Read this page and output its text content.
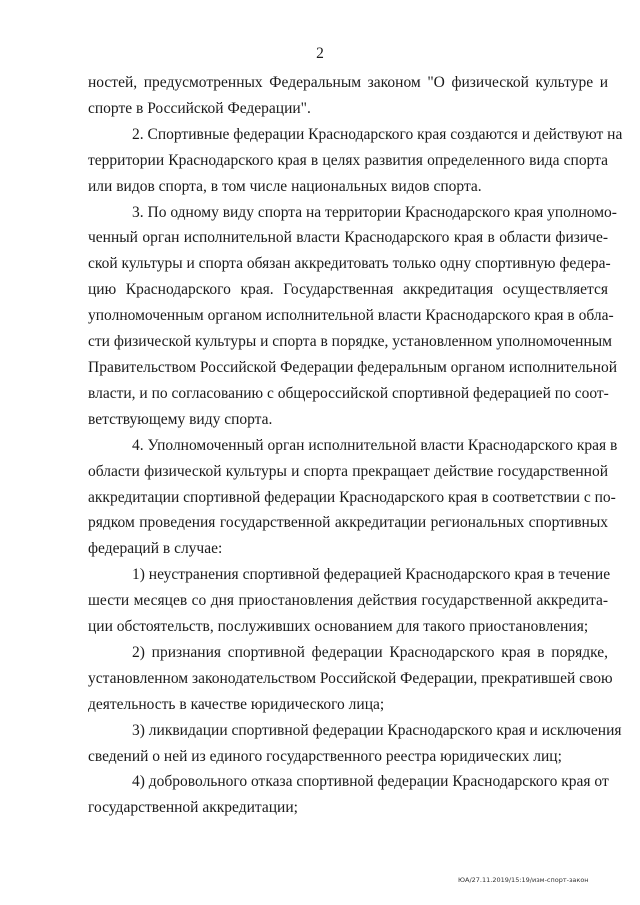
2

ностей, предусмотренных Федеральным законом "О физической культуре и
спорте в Российской Федерации".

2. Спортивные федерации Краснодарского края создаются и действуют на
территории Краснодарского края в целях развития определенного вида спорта
или видов спорта, в том числе национальных видов спорта.

3. По одному виду спорта на территории Краснодарского края уполномо-
ченный орган исполнительной власти Краснодарского края в области физиче-
ской культуры и спорта обязан аккредитовать только одну спортивную федера-
цию Краснодарского края. Государственная аккредитация осуществляется
уполномоченным органом исполнительной власти Краснодарского края в обла-
сти физической культуры и спорта в порядке, установленном уполномоченным
Правительством Российской Федерации федеральным органом исполнительной
власти, и по согласованию с общероссийской спортивной федерацией по соот-
ветствующему виду спорта.

4. Уполномоченный орган исполнительной власти Краснодарского края в
области физической культуры и спорта прекращает действие государственной
аккредитации спортивной федерации Краснодарского края в соответствии с по-
рядком проведения государственной аккредитации региональных спортивных
федераций в случае:

1) неустранения спортивной федерацией Краснодарского края в течение
шести месяцев со дня приостановления действия государственной аккредита-
ции обстоятельств, послуживших основанием для такого приостановления;

2) признания спортивной федерации Краснодарского края в порядке,
установленном законодательством Российской Федерации, прекратившей свою
деятельность в качестве юридического лица;

3) ликвидации спортивной федерации Краснодарского края и исключения
сведений о ней из единого государственного реестра юридических лиц;

4) добровольного отказа спортивной федерации Краснодарского края от
государственной аккредитации;

ЮА/27.11.2019/15:19/изм-спорт-закон
